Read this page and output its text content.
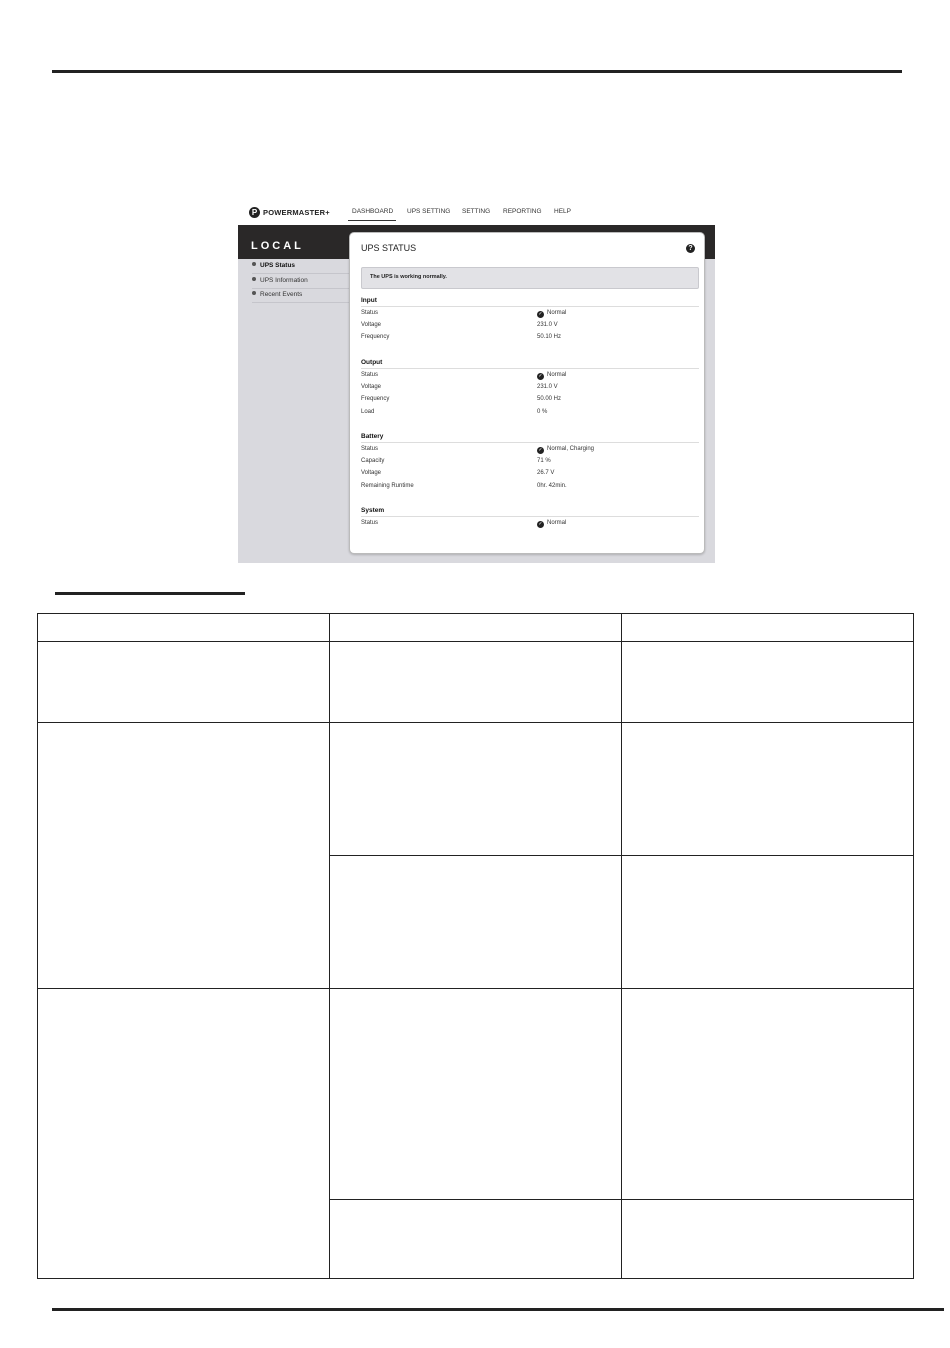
P POWERMASTER+	DASHBOARD UPS SETTING SETTING REPORTING HELP
LOCAL
UPS Status
UPS Information
Recent Events
UPS STATUS	?
The UPS is working normally.
Input
Status	✓ Normal
Voltage	231.0 V
Frequency	50.10 Hz
Output
Status	✓ Normal
Voltage	231.0 V
Frequency	50.00 Hz
Load	0 %
Battery
Status	✓ Normal, Charging
Capacity	71 %
Voltage	26.7 V
Remaining Runtime	0hr. 42min.
System
Status	✓ Normal
